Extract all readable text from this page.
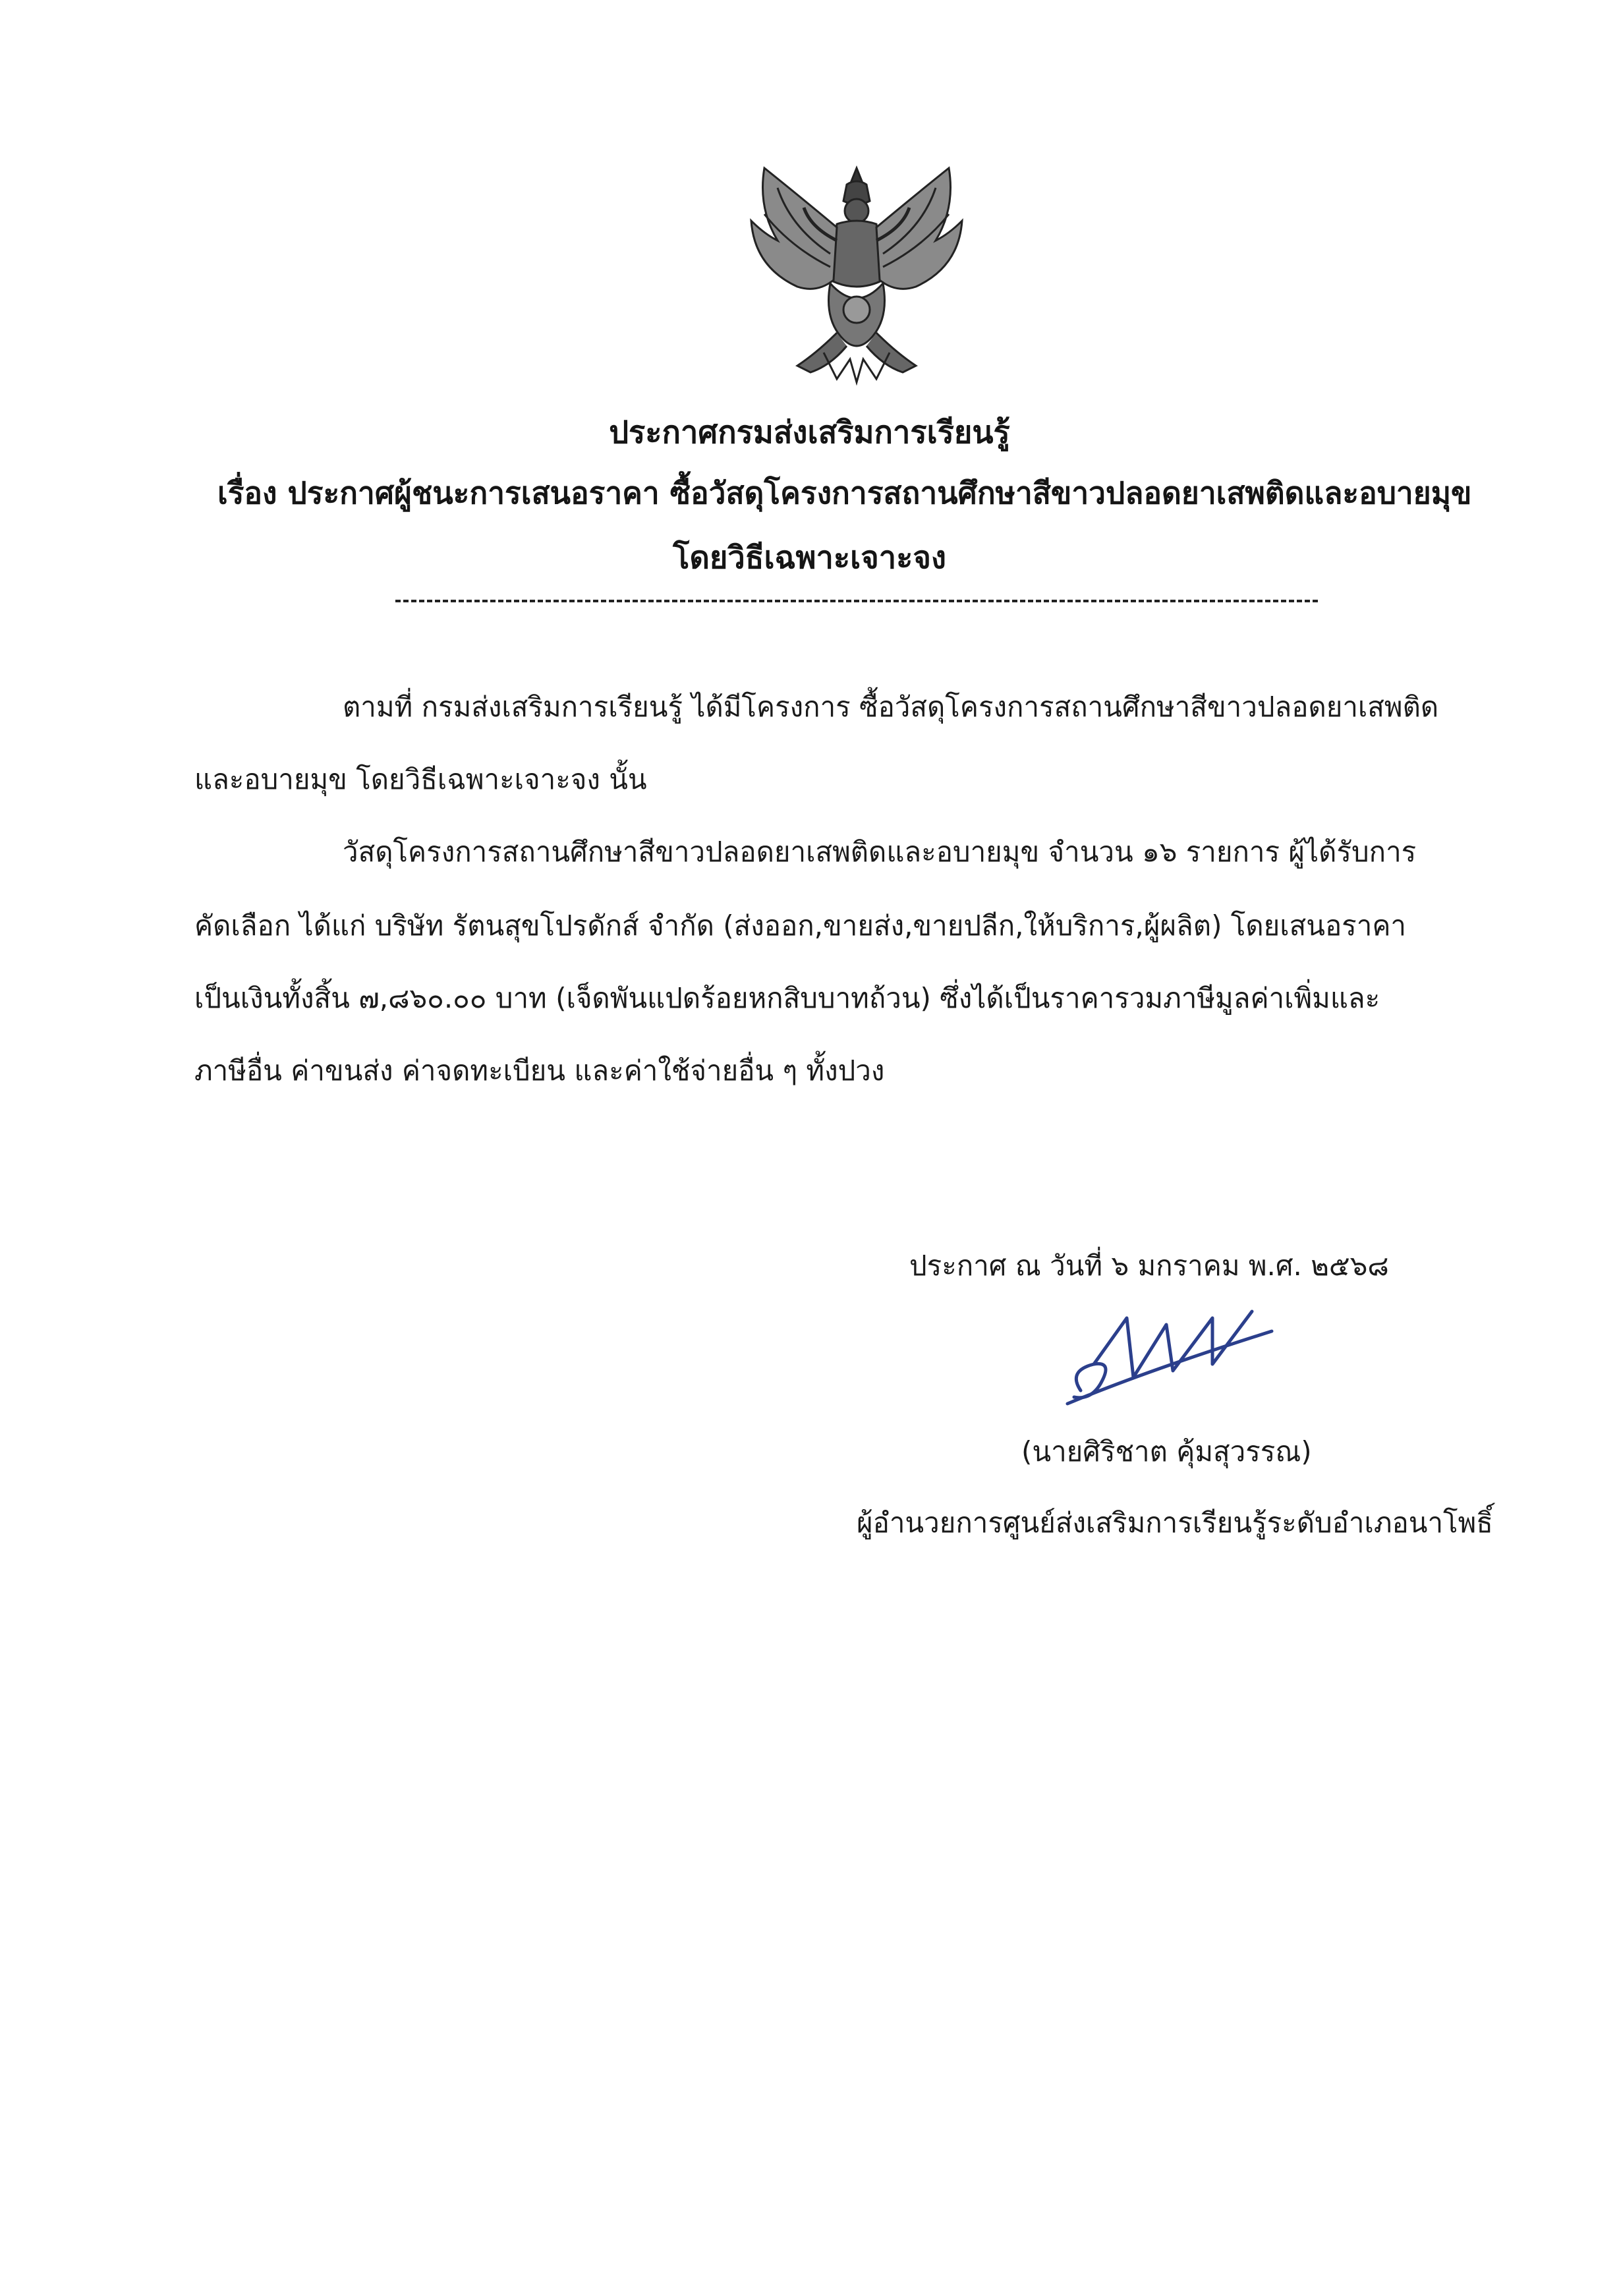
ประกาศกรมส่งเสริมการเรียนรู้
เรื่อง ประกาศผู้ชนะการเสนอราคา ซื้อวัสดุโครงการสถานศึกษาสีขาวปลอดยาเสพติดและอบายมุข
โดยวิธีเฉพาะเจาะจง
ตามที่ กรมส่งเสริมการเรียนรู้ ได้มีโครงการ ซื้อวัสดุโครงการสถานศึกษาสีขาวปลอดยาเสพติด
และอบายมุข โดยวิธีเฉพาะเจาะจง นั้น
วัสดุโครงการสถานศึกษาสีขาวปลอดยาเสพติดและอบายมุข จำนวน ๑๖ รายการ ผู้ได้รับการ
คัดเลือก ได้แก่ บริษัท รัตนสุขโปรดักส์ จำกัด (ส่งออก,ขายส่ง,ขายปลีก,ให้บริการ,ผู้ผลิต) โดยเสนอราคา
เป็นเงินทั้งสิ้น ๗,๘๖๐.๐๐ บาท (เจ็ดพันแปดร้อยหกสิบบาทถ้วน) ซึ่งได้เป็นราคารวมภาษีมูลค่าเพิ่มและ
ภาษีอื่น ค่าขนส่ง ค่าจดทะเบียน และค่าใช้จ่ายอื่น ๆ ทั้งปวง
ประกาศ ณ วันที่ ๖ มกราคม พ.ศ. ๒๕๖๘
(นายศิริชาต คุ้มสุวรรณ)
ผู้อำนวยการศูนย์ส่งเสริมการเรียนรู้ระดับอำเภอนาโพธิ์
